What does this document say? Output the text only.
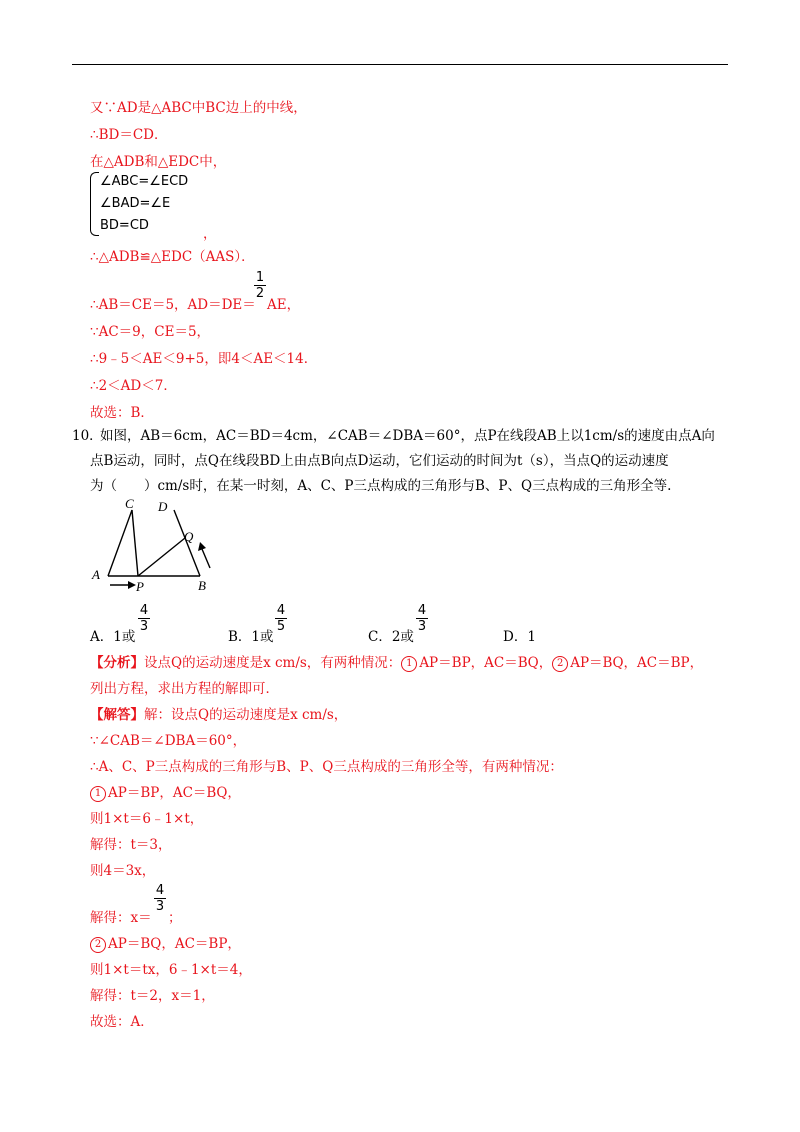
又∵AD是△ABC中BC边上的中线，
∴BD＝CD．
在△ADB和△EDC中，
∠ABC=∠ECD
∠BAD=∠E
BD=CD
，
∴△ADB≌△EDC（AAS）．
∴AB＝CE＝5，AD＝DE＝
1
2
AE，
∵AC＝9，CE＝5，
∴9﹣5＜AE＜9+5，即4＜AE＜14．
∴2＜AD＜7．
故选：B．
10．
如图，AB＝6cm，AC＝BD＝4cm，∠CAB＝∠DBA＝60°，点P在线段AB上以1cm/s的速度由点A向
点B运动，同时，点Q在线段BD上由点B向点D运动，它们运动的时间为t（s），当点Q的运动速度
为（　　）cm/s时，在某一时刻，A、C、P三点构成的三角形与B、P、Q三点构成的三角形全等.
C D
Q
A
B
P
A．1或
4
3
B．1或
4
5
C．2或
4
3
D．1
【分析】设点Q的运动速度是x cm/s，有两种情况： 1 AP＝BP，AC＝BQ， 2 AP＝BQ，AC＝BP，
列出方程，求出方程的解即可．
【解答】解：设点Q的运动速度是x cm/s，
∵∠CAB＝∠DBA＝60°，
∴A、C、P三点构成的三角形与B、P、Q三点构成的三角形全等，有两种情况：
1 AP＝BP，AC＝BQ，
则1×t＝6﹣1×t，
解得：t＝3，
则4＝3x，
解得：x＝
4
3
；
2 AP＝BQ，AC＝BP，
则1×t＝tx，6﹣1×t＝4，
解得：t＝2，x＝1，
故选：A．
